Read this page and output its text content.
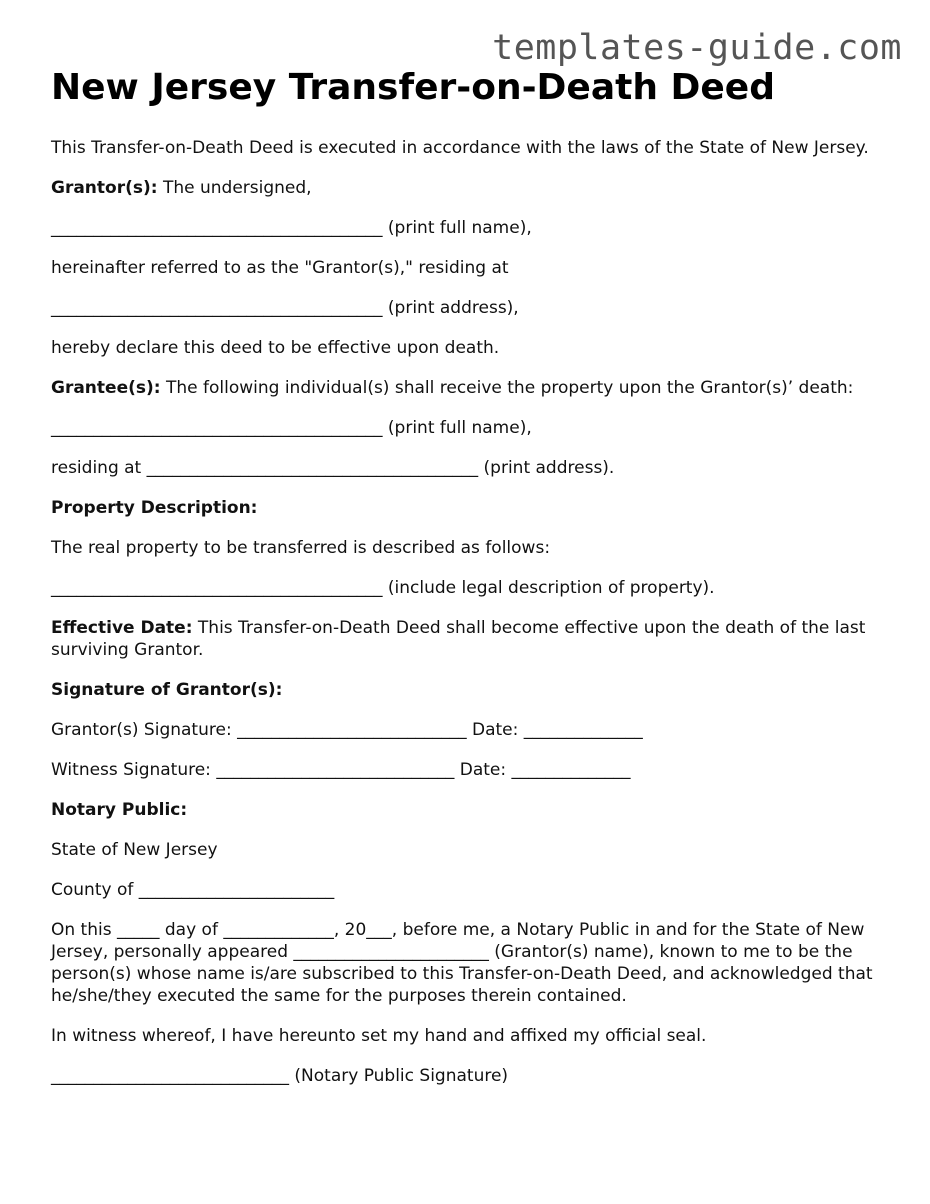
templates-guide.com
New Jersey Transfer-on-Death Deed

This Transfer-on-Death Deed is executed in accordance with the laws of the State of New Jersey.

Grantor(s): The undersigned,

_______________________________________ (print full name),

hereinafter referred to as the "Grantor(s)," residing at

_______________________________________ (print address),

hereby declare this deed to be effective upon death.

Grantee(s): The following individual(s) shall receive the property upon the Grantor(s)’ death:

_______________________________________ (print full name),

residing at _______________________________________ (print address).

Property Description:

The real property to be transferred is described as follows:

_______________________________________ (include legal description of property).

Effective Date: This Transfer-on-Death Deed shall become effective upon the death of the last surviving Grantor.

Signature of Grantor(s):

Grantor(s) Signature: ___________________________ Date: ______________

Witness Signature: ____________________________ Date: ______________

Notary Public:

State of New Jersey

County of _______________________

On this _____ day of _____________, 20___, before me, a Notary Public in and for the State of New Jersey, personally appeared _______________________ (Grantor(s) name), known to me to be the person(s) whose name is/are subscribed to this Transfer-on-Death Deed, and acknowledged that he/she/they executed the same for the purposes therein contained.

In witness whereof, I have hereunto set my hand and affixed my official seal.

____________________________ (Notary Public Signature)
